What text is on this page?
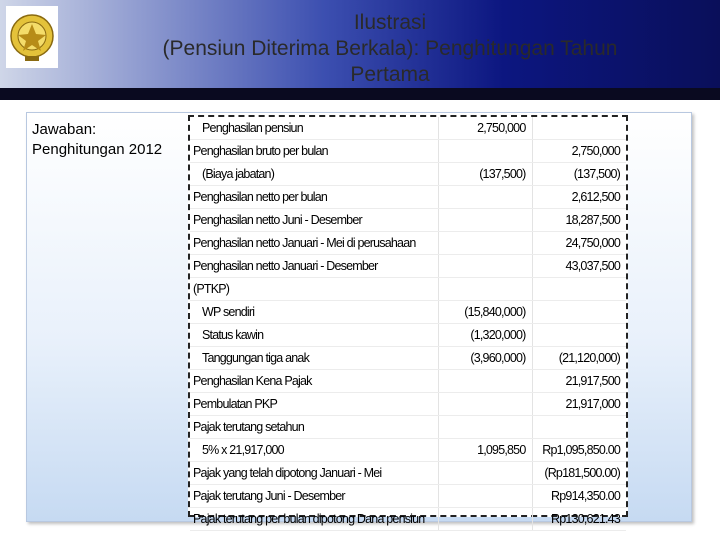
Ilustrasi
(Pensiun Diterima Berkala): Penghitungan Tahun
Pertama
Jawaban:
Penghitungan 2012
Penghasilan pensiun	2,750,000	
Penghasilan bruto per bulan		2,750,000
(Biaya jabatan)	(137,500)	(137,500)
Penghasilan netto per bulan		2,612,500
Penghasilan netto Juni - Desember		18,287,500
Penghasilan netto Januari - Mei di perusahaan		24,750,000
Penghasilan netto Januari - Desember		43,037,500
(PTKP)		
WP sendiri	(15,840,000)	
Status kawin	(1,320,000)	
Tanggungan tiga anak	(3,960,000)	(21,120,000)
Penghasilan Kena Pajak		21,917,500
Pembulatan PKP		21,917,000
Pajak terutang setahun		
5% x 21,917,000	1,095,850	Rp1,095,850.00
Pajak yang telah dipotong Januari - Mei		(Rp181,500.00)
Pajak terutang Juni - Desember		Rp914,350.00
Pajak terutang per bulan dipotong Dana pensiun		Rp130,621.43
